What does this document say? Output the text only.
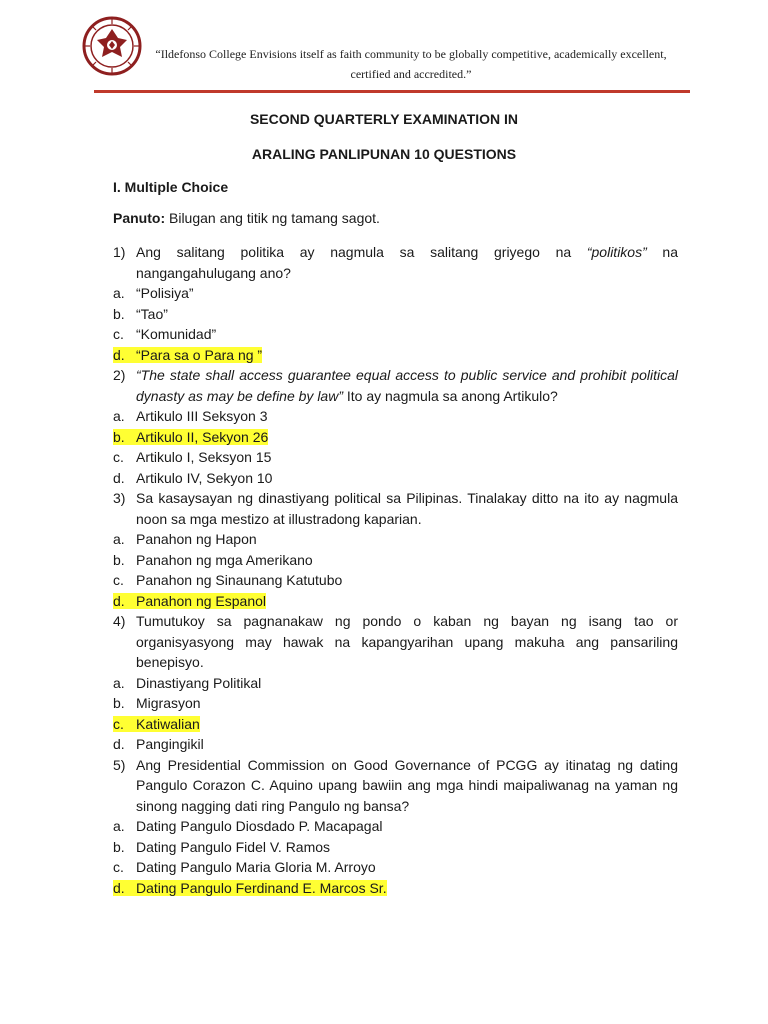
“Ildefonso College Envisions itself as faith community to be globally competitive, academically excellent,
certified and accredited.”
SECOND QUARTERLY EXAMINATION IN
ARALING PANLIPUNAN 10 QUESTIONS
I. Multiple Choice
Panuto: Bilugan ang titik ng tamang sagot.
1) Ang salitang politika ay nagmula sa salitang griyego na “politikos” na nangangahulugang ano?
a. “Polisiya”
b. “Tao”
c. “Komunidad”
d. “Para sa o Para ng ”
2) “The state shall access guarantee equal access to public service and prohibit political dynasty as may be define by law” Ito ay nagmula sa anong Artikulo?
a. Artikulo III Seksyon 3
b. Artikulo II, Sekyon 26
c. Artikulo I, Seksyon 15
d. Artikulo IV, Sekyon 10
3) Sa kasaysayan ng dinastiyang political sa Pilipinas. Tinalakay ditto na ito ay nagmula noon sa mga mestizo at illustradong kaparian.
a. Panahon ng Hapon
b. Panahon ng mga Amerikano
c. Panahon ng Sinaunang Katutubo
d. Panahon ng Espanol
4) Tumutukoy sa pagnanakaw ng pondo o kaban ng bayan ng isang tao or organisyasyong may hawak na kapangyarihan upang makuha ang pansariling benepisyo.
a. Dinastiyang Politikal
b. Migrasyon
c. Katiwalian
d. Pangingikil
5) Ang Presidential Commission on Good Governance of PCGG ay itinatag ng dating Pangulo Corazon C. Aquino upang bawiin ang mga hindi maipaliwanag na yaman ng sinong nagging dati ring Pangulo ng bansa?
a. Dating Pangulo Diosdado P. Macapagal
b. Dating Pangulo Fidel V. Ramos
c. Dating Pangulo Maria Gloria M. Arroyo
d. Dating Pangulo Ferdinand E. Marcos Sr.
